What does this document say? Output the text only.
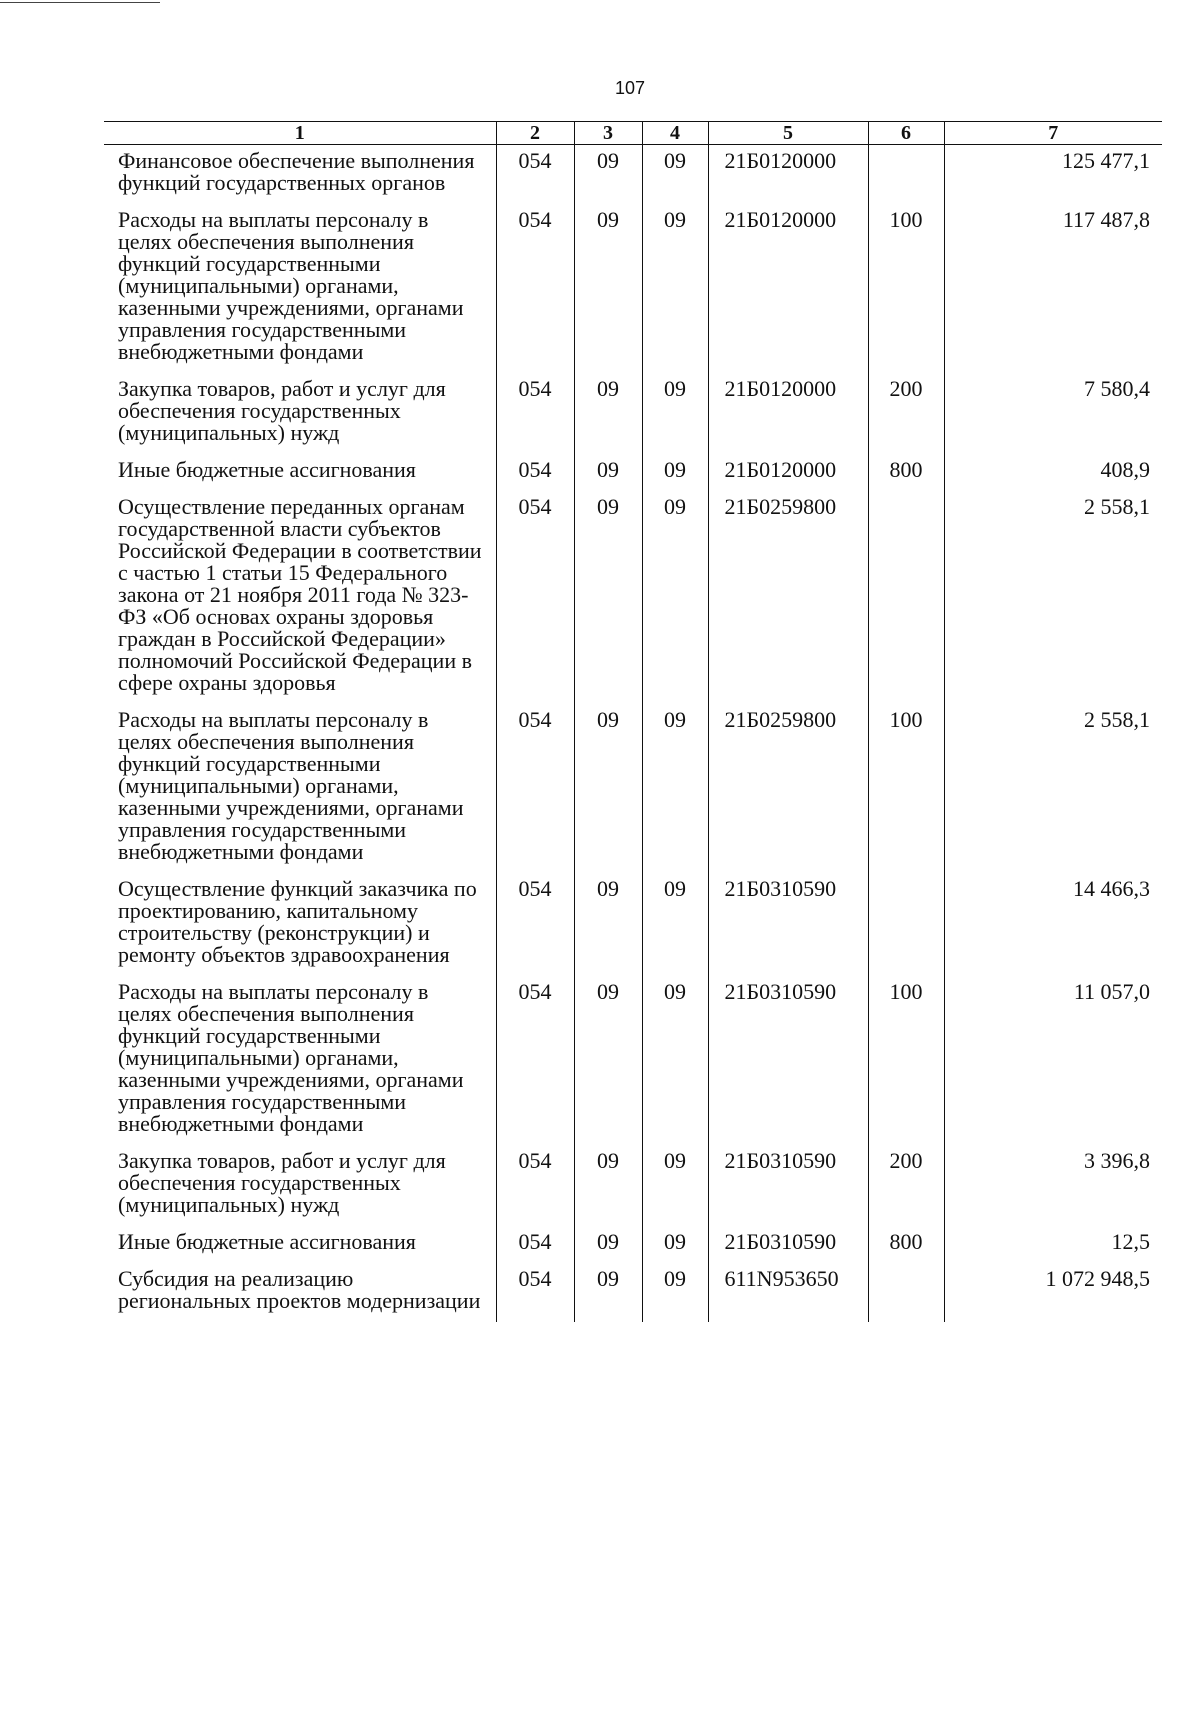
107
1	2	3	4	5	6	7
Финансовое обеспечение выполнения функций государственных органов	054	09	09	21Б0120000		125 477,1
Расходы на выплаты персоналу в целях обеспечения выполнения функций государственными (муниципальными) органами, казенными учреждениями, органами управления государственными внебюджетными фондами	054	09	09	21Б0120000	100	117 487,8
Закупка товаров, работ и услуг для обеспечения государственных (муниципальных) нужд	054	09	09	21Б0120000	200	7 580,4
Иные бюджетные ассигнования	054	09	09	21Б0120000	800	408,9
Осуществление переданных органам государственной власти субъектов Российской Федерации в соответствии с частью 1 статьи 15 Федерального закона от 21 ноября 2011 года № 323-ФЗ «Об основах охраны здоровья граждан в Российской Федерации» полномочий Российской Федерации в сфере охраны здоровья	054	09	09	21Б0259800		2 558,1
Расходы на выплаты персоналу в целях обеспечения выполнения функций государственными (муниципальными) органами, казенными учреждениями, органами управления государственными внебюджетными фондами	054	09	09	21Б0259800	100	2 558,1
Осуществление функций заказчика по проектированию, капитальному строительству (реконструкции) и ремонту объектов здравоохранения	054	09	09	21Б0310590		14 466,3
Расходы на выплаты персоналу в целях обеспечения выполнения функций государственными (муниципальными) органами, казенными учреждениями, органами управления государственными внебюджетными фондами	054	09	09	21Б0310590	100	11 057,0
Закупка товаров, работ и услуг для обеспечения государственных (муниципальных) нужд	054	09	09	21Б0310590	200	3 396,8
Иные бюджетные ассигнования	054	09	09	21Б0310590	800	12,5
Субсидия на реализацию региональных проектов модернизации	054	09	09	611N953650		1 072 948,5
